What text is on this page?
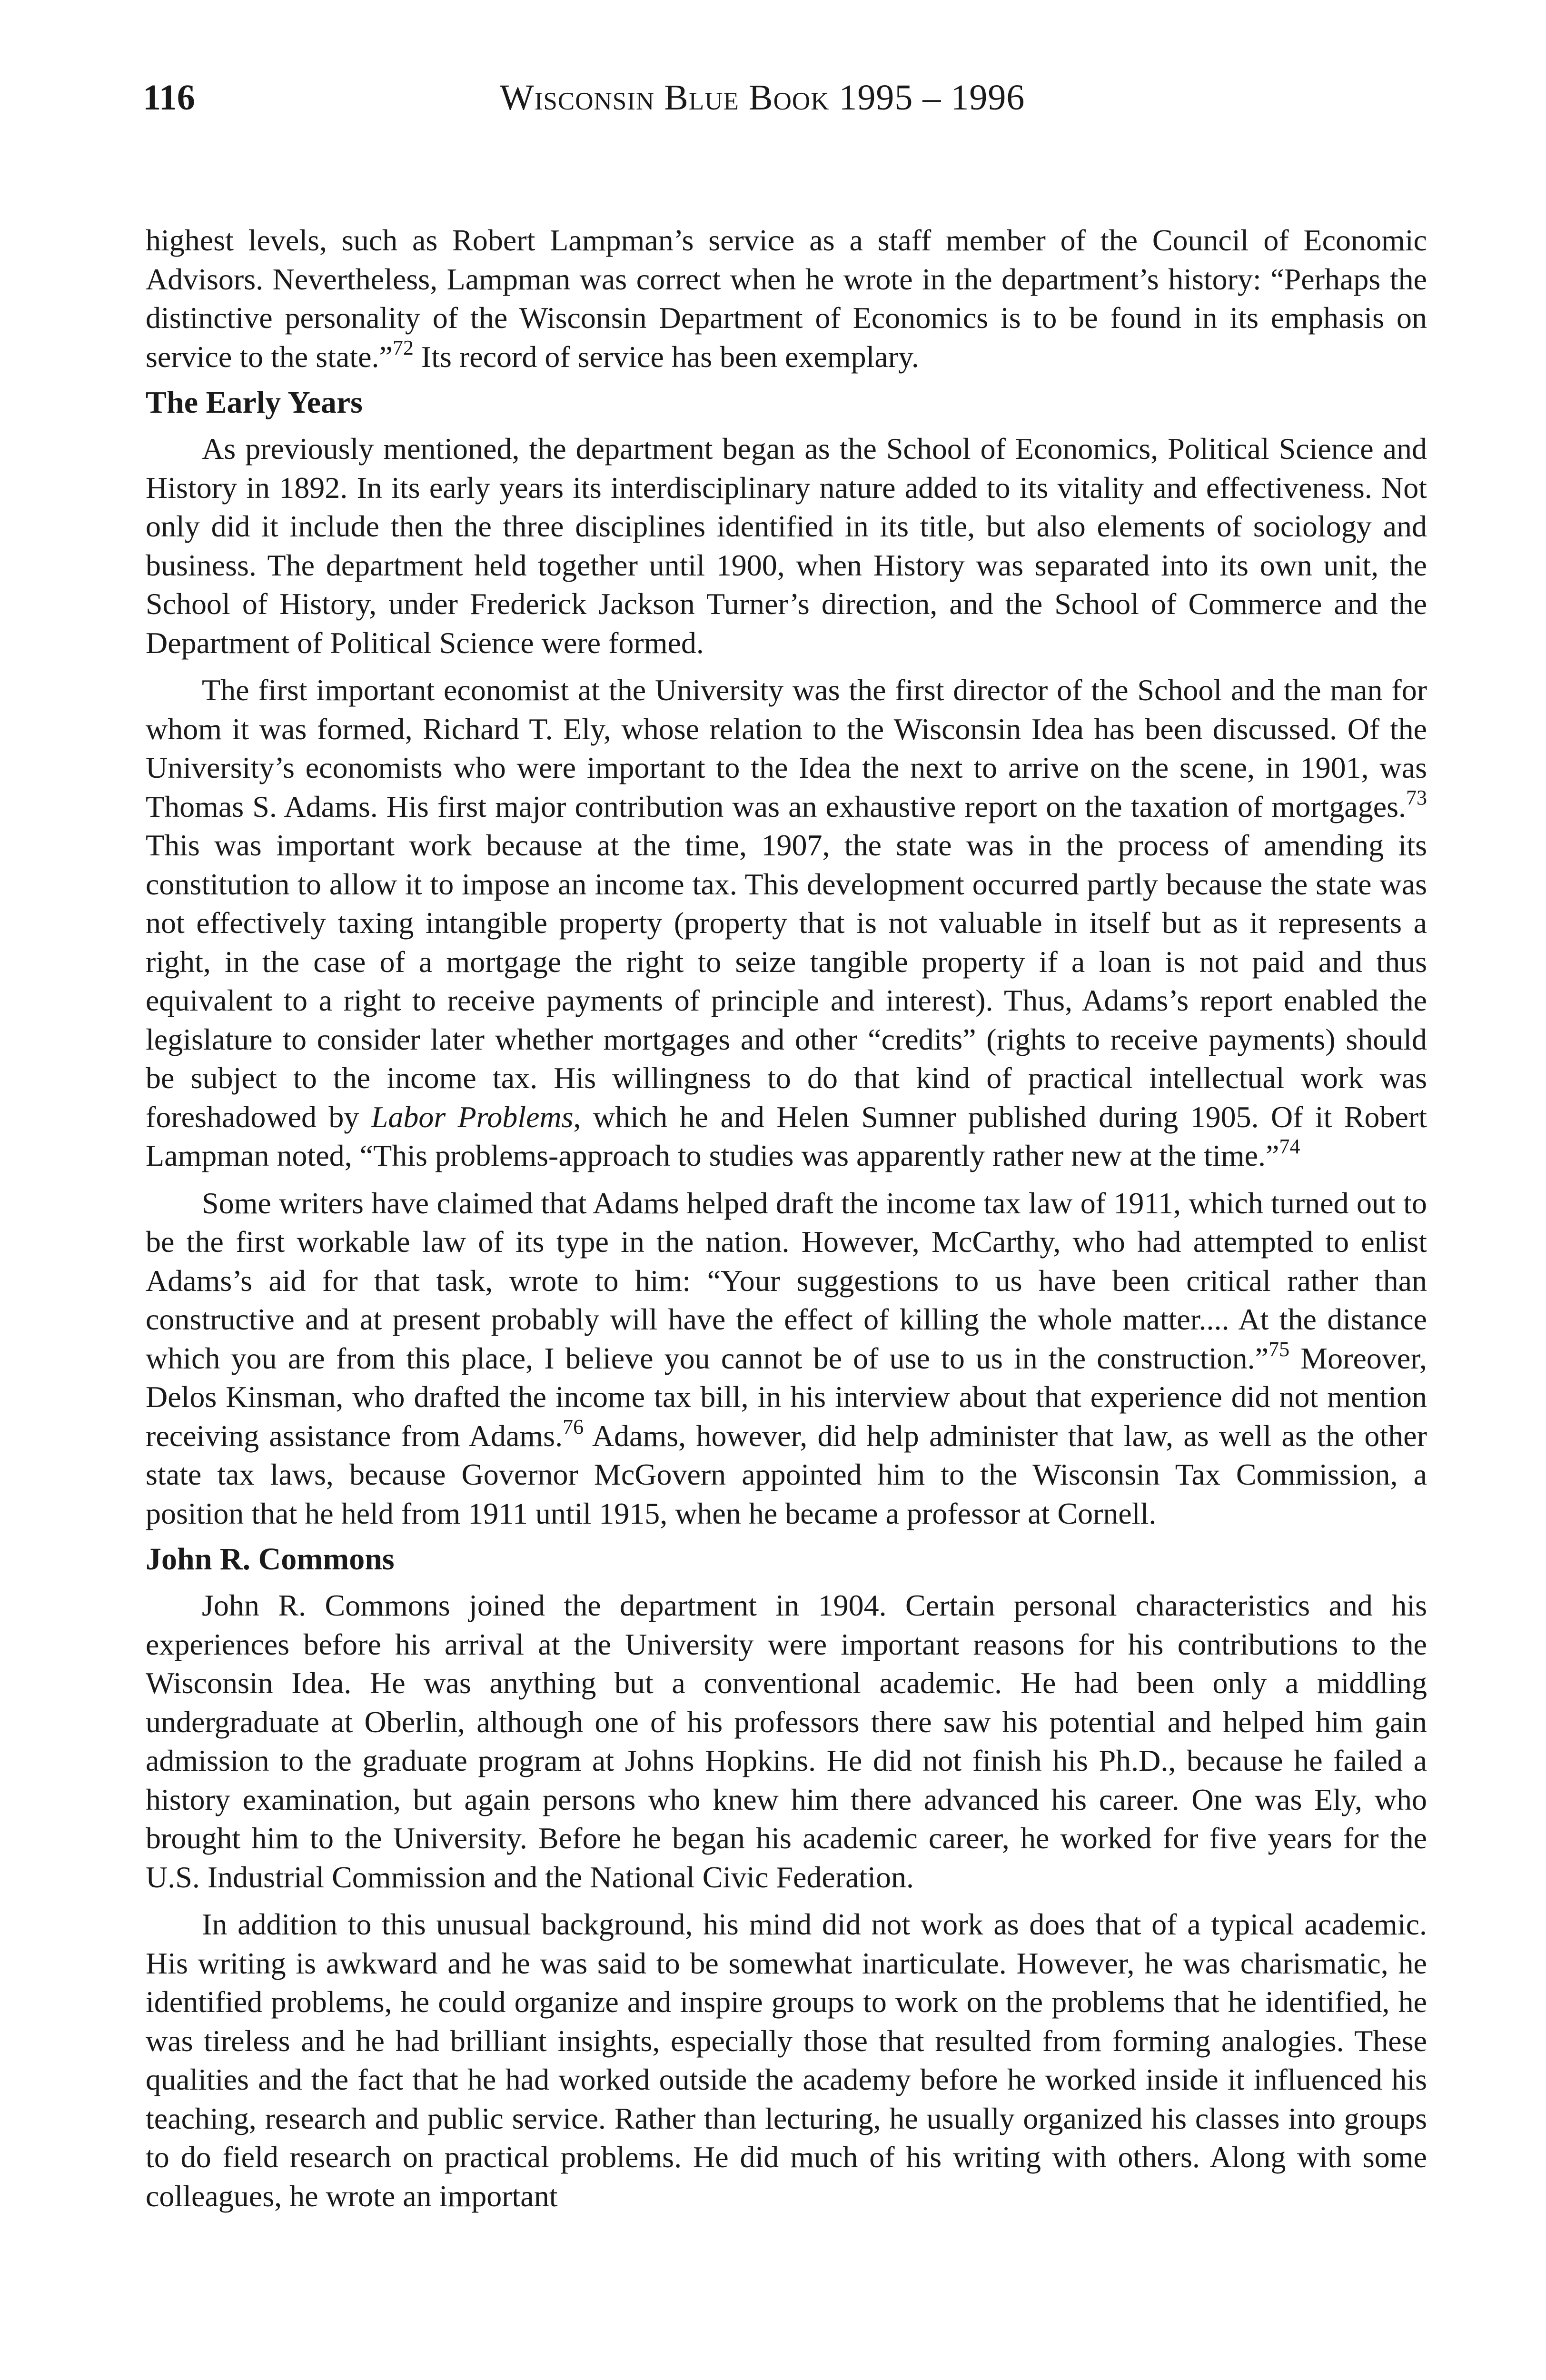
116	Wisconsin Blue Book 1995 – 1996

highest levels, such as Robert Lampman’s service as a staff member of the Council of Economic Advisors. Nevertheless, Lampman was correct when he wrote in the department’s history: “Perhaps the distinctive personality of the Wisconsin Department of Economics is to be found in its emphasis on service to the state.”$^{72}$ Its record of service has been exemplary.

The Early Years

As previously mentioned, the department began as the School of Economics, Political Science and History in 1892. In its early years its interdisciplinary nature added to its vitality and effectiveness. Not only did it include then the three disciplines identified in its title, but also elements of sociology and business. The department held together until 1900, when History was separated into its own unit, the School of History, under Frederick Jackson Turner’s direction, and the School of Commerce and the Department of Political Science were formed.

The first important economist at the University was the first director of the School and the man for whom it was formed, Richard T. Ely, whose relation to the Wisconsin Idea has been discussed. Of the University’s economists who were important to the Idea the next to arrive on the scene, in 1901, was Thomas S. Adams. His first major contribution was an exhaustive report on the taxation of mortgages.$^{73}$ This was important work because at the time, 1907, the state was in the process of amending its constitution to allow it to impose an income tax. This development occurred partly because the state was not effectively taxing intangible property (property that is not valuable in itself but as it represents a right, in the case of a mortgage the right to seize tangible property if a loan is not paid and thus equivalent to a right to receive payments of principle and interest). Thus, Adams’s report enabled the legislature to consider later whether mortgages and other “credits” (rights to receive payments) should be subject to the income tax. His willingness to do that kind of practical intellectual work was foreshadowed by Labor Problems, which he and Helen Sumner published during 1905. Of it Robert Lampman noted, “This problems-approach to studies was apparently rather new at the time.”$^{74}$

Some writers have claimed that Adams helped draft the income tax law of 1911, which turned out to be the first workable law of its type in the nation. However, McCarthy, who had attempted to enlist Adams’s aid for that task, wrote to him: “Your suggestions to us have been critical rather than constructive and at present probably will have the effect of killing the whole matter.... At the distance which you are from this place, I believe you cannot be of use to us in the construction.”$^{75}$ Moreover, Delos Kinsman, who drafted the income tax bill, in his interview about that experience did not mention receiving assistance from Adams.$^{76}$ Adams, however, did help administer that law, as well as the other state tax laws, because Governor McGovern appointed him to the Wisconsin Tax Commission, a position that he held from 1911 until 1915, when he became a professor at Cornell.

John R. Commons

John R. Commons joined the department in 1904. Certain personal characteristics and his experiences before his arrival at the University were important reasons for his contributions to the Wisconsin Idea. He was anything but a conventional academic. He had been only a middling undergraduate at Oberlin, although one of his professors there saw his potential and helped him gain admission to the graduate program at Johns Hopkins. He did not finish his Ph.D., because he failed a history examination, but again persons who knew him there advanced his career. One was Ely, who brought him to the University. Before he began his academic career, he worked for five years for the U.S. Industrial Commission and the National Civic Federation.

In addition to this unusual background, his mind did not work as does that of a typical academic. His writing is awkward and he was said to be somewhat inarticulate. However, he was charismatic, he identified problems, he could organize and inspire groups to work on the problems that he identified, he was tireless and he had brilliant insights, especially those that resulted from forming analogies. These qualities and the fact that he had worked outside the academy before he worked inside it influenced his teaching, research and public service. Rather than lecturing, he usually organized his classes into groups to do field research on practical problems. He did much of his writing with others. Along with some colleagues, he wrote an important
